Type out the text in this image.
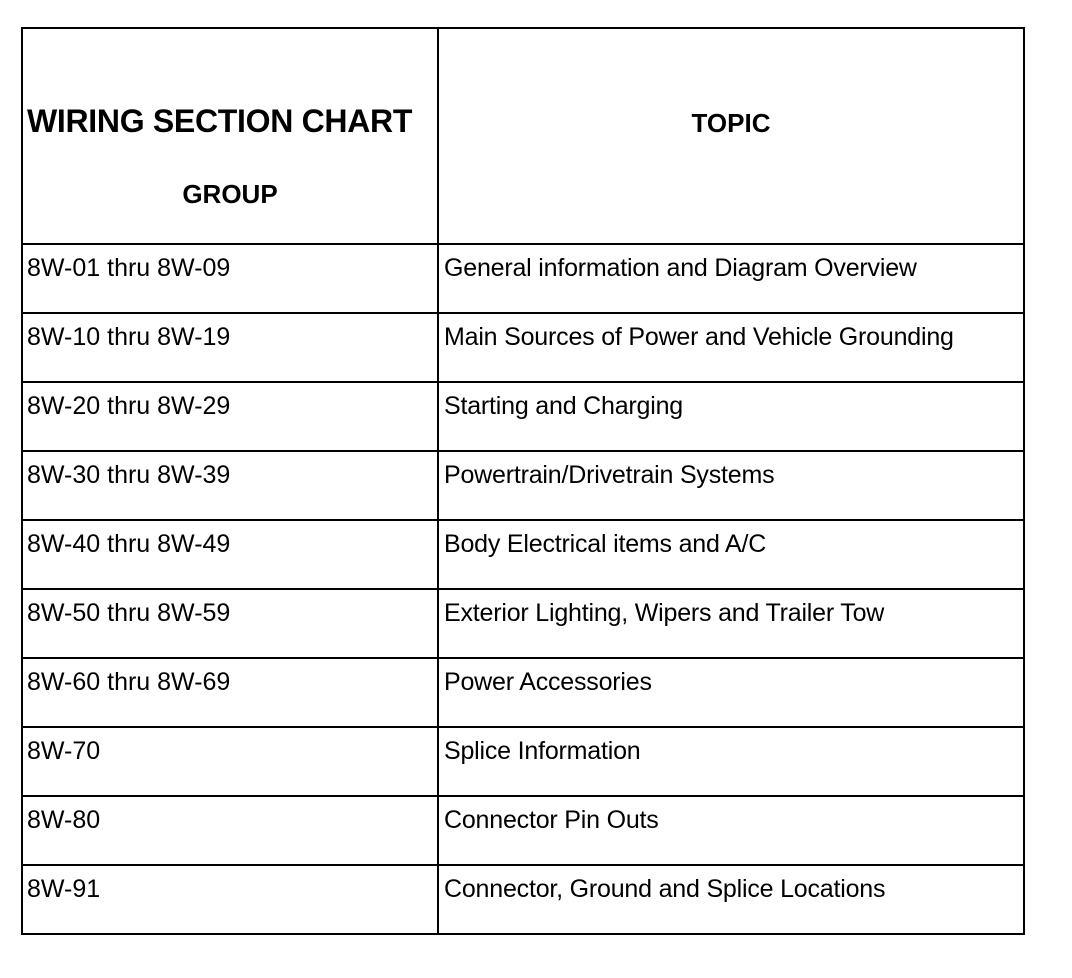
WIRING SECTION CHART
GROUP	TOPIC

8W-01 thru 8W-09	General information and Diagram Overview
8W-10 thru 8W-19	Main Sources of Power and Vehicle Grounding
8W-20 thru 8W-29	Starting and Charging
8W-30 thru 8W-39	Powertrain/Drivetrain Systems
8W-40 thru 8W-49	Body Electrical items and A/C
8W-50 thru 8W-59	Exterior Lighting, Wipers and Trailer Tow
8W-60 thru 8W-69	Power Accessories
8W-70	Splice Information
8W-80	Connector Pin Outs
8W-91	Connector, Ground and Splice Locations
